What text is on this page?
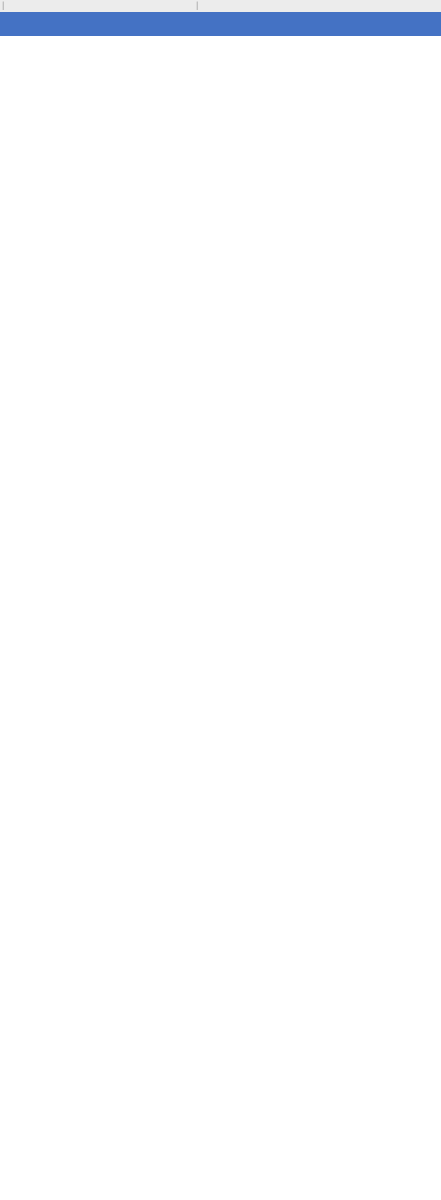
|	|
